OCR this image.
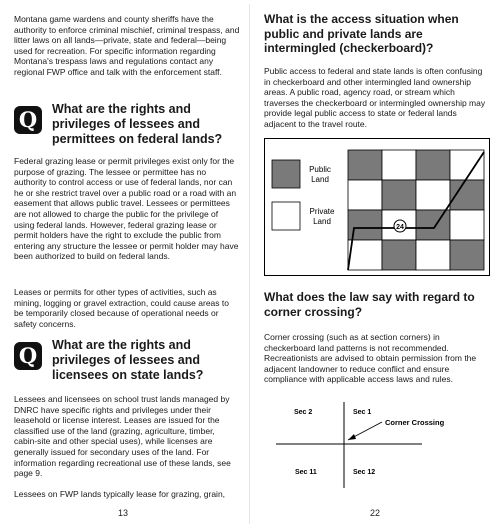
Montana game wardens and county sheriffs have the authority to enforce criminal mischief, criminal trespass, and litter laws on all lands—private, state and federal—being used for recreation. For specific information regarding Montana's trespass laws and regulations contact any regional FWP office and talk with the enforcement staff.

Q	What are the rights and privileges of lessees and permittees on federal lands?

Federal grazing lease or permit privileges exist only for the purpose of grazing. The lessee or permittee has no authority to control access or use of federal lands, nor can he or she restrict travel over a public road or a road with an easement that allows public travel. Lessees or permittees are not allowed to charge the public for the privilege of using federal lands. However, federal grazing lease or permit holders have the right to exclude the public from entering any structure the lessee or permit holder may have been authorized to build on federal lands.

Leases or permits for other types of activities, such as mining, logging or gravel extraction, could cause areas to be temporarily closed because of operational needs or safety concerns.

Q	What are the rights and privileges of lessees and licensees on state lands?

Lessees and licensees on school trust lands managed by DNRC have specific rights and privileges under their leasehold or license interest. Leases are issued for the classified use of the land (grazing, agriculture, timber, cabin-site and other special uses), while licenses are generally issued for secondary uses of the land. For information regarding recreational use of these lands, see page 9.

Lessees on FWP lands typically lease for grazing, grain,

13
What is the access situation when public and private lands are intermingled (checkerboard)?

Public access to federal and state lands is often confusing in checkerboard and other intermingled land ownership areas. A public road, agency road, or stream which traverses the checkerboard or intermingled ownership may provide legal public access to state or federal lands adjacent to the travel route.

Public
Land
Private
Land
24
What does the law say with regard to corner crossing?

Corner crossing (such as at section corners) in checkerboard land patterns is not recommended. Recreationists are advised to obtain permission from the adjacent landowner to reduce conflict and ensure compliance with applicable access laws and rules.

Sec 2	Sec 1
Sec 11	Sec 12
Corner Crossing
22
